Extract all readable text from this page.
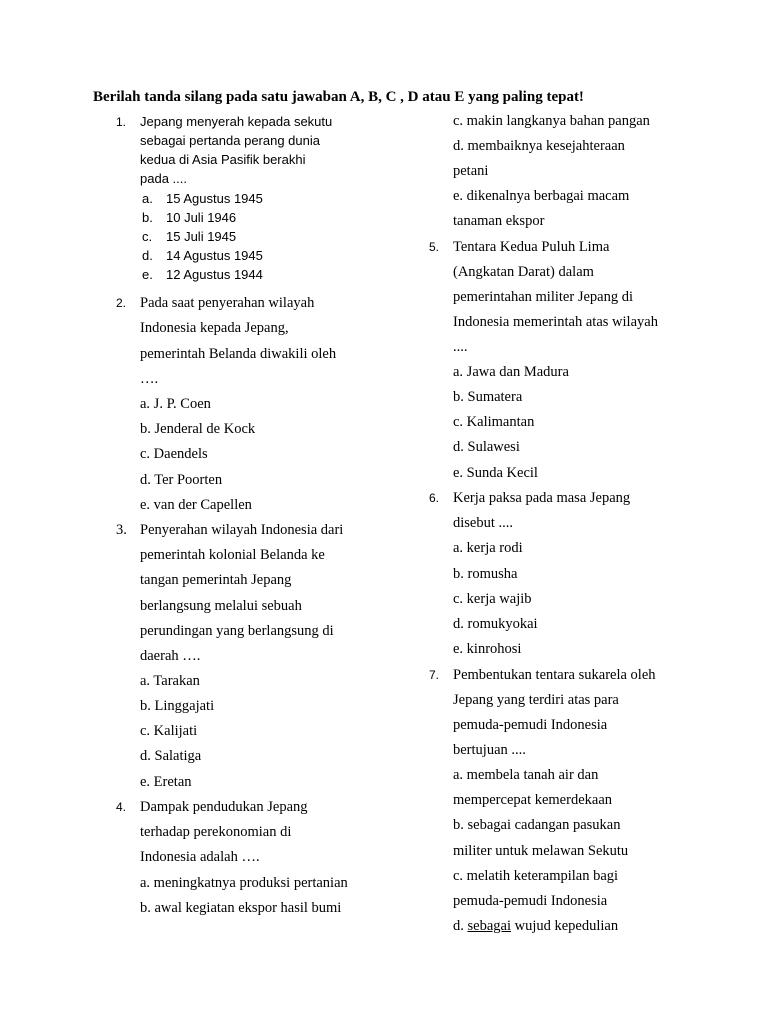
Berilah tanda silang pada satu jawaban A, B, C , D atau E yang paling tepat!
1. Jepang menyerah kepada sekutu
sebagai pertanda perang dunia
kedua di Asia Pasifik berakhi
pada ....
a. 15 Agustus 1945
b. 10 Juli 1946
c. 15 Juli 1945
d. 14 Agustus 1945
e. 12 Agustus 1944
2. Pada saat penyerahan wilayah
Indonesia kepada Jepang,
pemerintah Belanda diwakili oleh
….
a. J. P. Coen
b. Jenderal de Kock
c. Daendels
d. Ter Poorten
e. van der Capellen
3. Penyerahan wilayah Indonesia dari
pemerintah kolonial Belanda ke
tangan pemerintah Jepang
berlangsung melalui sebuah
perundingan yang berlangsung di
daerah ….
a. Tarakan
b. Linggajati
c. Kalijati
d. Salatiga
e. Eretan
4. Dampak pendudukan Jepang
terhadap perekonomian di
Indonesia adalah ….
a. meningkatnya produksi pertanian
b. awal kegiatan ekspor hasil bumi
c. makin langkanya bahan pangan
d. membaiknya kesejahteraan
petani
e. dikenalnya berbagai macam
tanaman ekspor
5. Tentara Kedua Puluh Lima
(Angkatan Darat) dalam
pemerintahan militer Jepang di
Indonesia memerintah atas wilayah
....
a. Jawa dan Madura
b. Sumatera
c. Kalimantan
d. Sulawesi
e. Sunda Kecil
6. Kerja paksa pada masa Jepang
disebut ....
a. kerja rodi
b. romusha
c. kerja wajib
d. romukyokai
e. kinrohosi
7. Pembentukan tentara sukarela oleh
Jepang yang terdiri atas para
pemuda-pemudi Indonesia
bertujuan ....
a. membela tanah air dan
mempercepat kemerdekaan
b. sebagai cadangan pasukan
militer untuk melawan Sekutu
c. melatih keterampilan bagi
pemuda-pemudi Indonesia
d. sebagai wujud kepedulian
